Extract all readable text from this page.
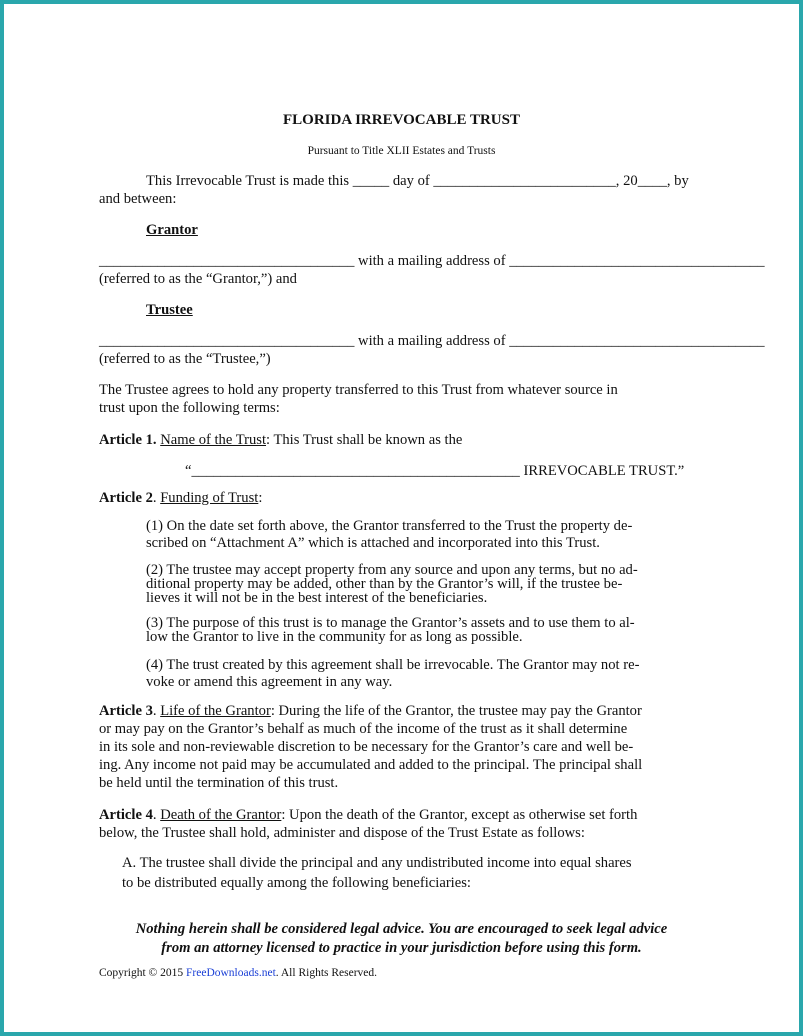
FLORIDA IRREVOCABLE TRUST
Pursuant to Title XLII Estates and Trusts
This Irrevocable Trust is made this _____ day of _________________________, 20____, by
and between:
Grantor
___________________________________ with a mailing address of ___________________________________
(referred to as the “Grantor,”) and
Trustee
___________________________________ with a mailing address of ___________________________________
(referred to as the “Trustee,”)
The Trustee agrees to hold any property transferred to this Trust from whatever source in
trust upon the following terms:
Article 1. Name of the Trust: This Trust shall be known as the
“_____________________________________________ IRREVOCABLE TRUST.”
Article 2. Funding of Trust:
(1) On the date set forth above, the Grantor transferred to the Trust the property de-
scribed on “Attachment A” which is attached and incorporated into this Trust.
(2) The trustee may accept property from any source and upon any terms, but no ad-
ditional property may be added, other than by the Grantor’s will, if the trustee be-
lieves it will not be in the best interest of the beneficiaries.
(3) The purpose of this trust is to manage the Grantor’s assets and to use them to al-
low the Grantor to live in the community for as long as possible.
(4) The trust created by this agreement shall be irrevocable. The Grantor may not re-
voke or amend this agreement in any way.
Article 3. Life of the Grantor: During the life of the Grantor, the trustee may pay the Grantor
or may pay on the Grantor’s behalf as much of the income of the trust as it shall determine
in its sole and non-reviewable discretion to be necessary for the Grantor’s care and well be-
ing. Any income not paid may be accumulated and added to the principal. The principal shall
be held until the termination of this trust.
Article 4. Death of the Grantor: Upon the death of the Grantor, except as otherwise set forth
below, the Trustee shall hold, administer and dispose of the Trust Estate as follows:
A. The trustee shall divide the principal and any undistributed income into equal shares
to be distributed equally among the following beneficiaries:
Nothing herein shall be considered legal advice. You are encouraged to seek legal advice
from an attorney licensed to practice in your jurisdiction before using this form.
Copyright © 2015 FreeDownloads.net. All Rights Reserved.
